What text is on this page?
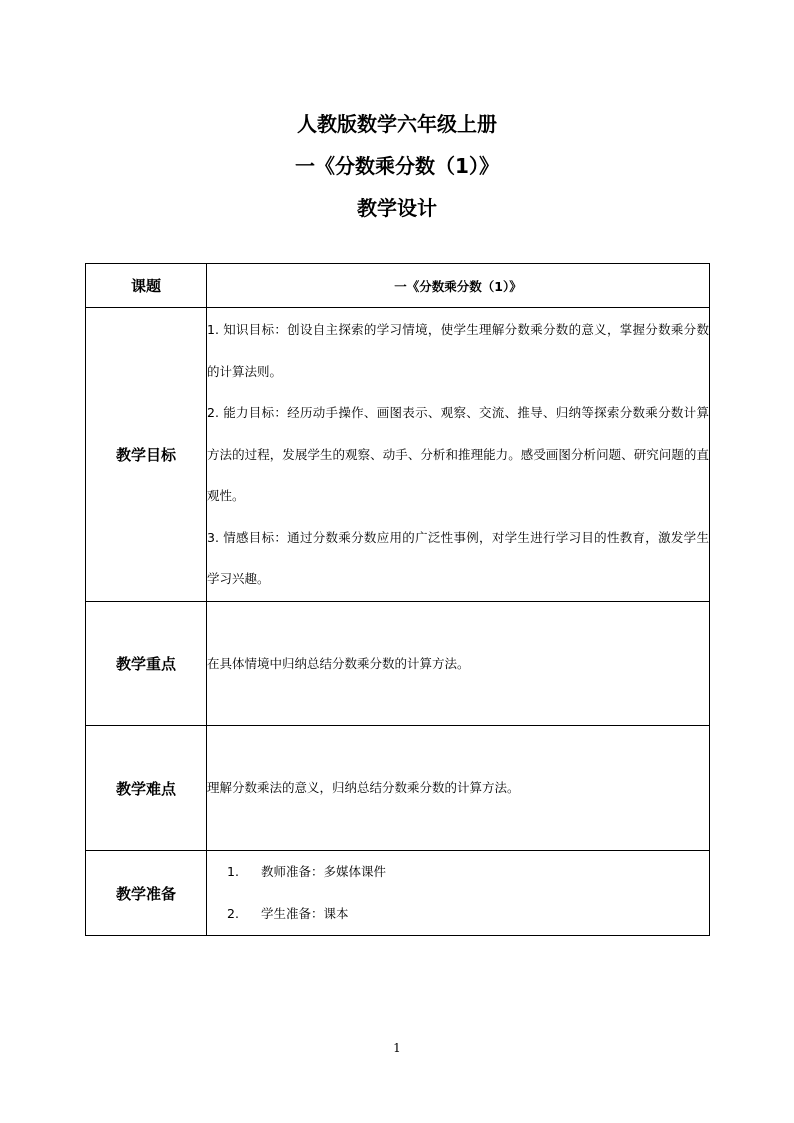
人教版数学六年级上册
一《分数乘分数（1）》
教学设计
课题	一《分数乘分数（1）》
教学目标	1. 知识目标：创设自主探索的学习情境，使学生理解分数乘分数的意义，掌握分数乘分数的计算法则。

2. 能力目标：经历动手操作、画图表示、观察、交流、推导、归纳等探索分数乘分数计算方法的过程，发展学生的观察、动手、分析和推理能力。感受画图分析问题、研究问题的直观性。

3. 情感目标：通过分数乘分数应用的广泛性事例，对学生进行学习目的性教育，激发学生学习兴趣。

教学重点	在具体情境中归纳总结分数乘分数的计算方法。
教学难点	理解分数乘法的意义，归纳总结分数乘分数的计算方法。
教学准备	1. 教师准备：多媒体课件
2. 学生准备：课本
1
